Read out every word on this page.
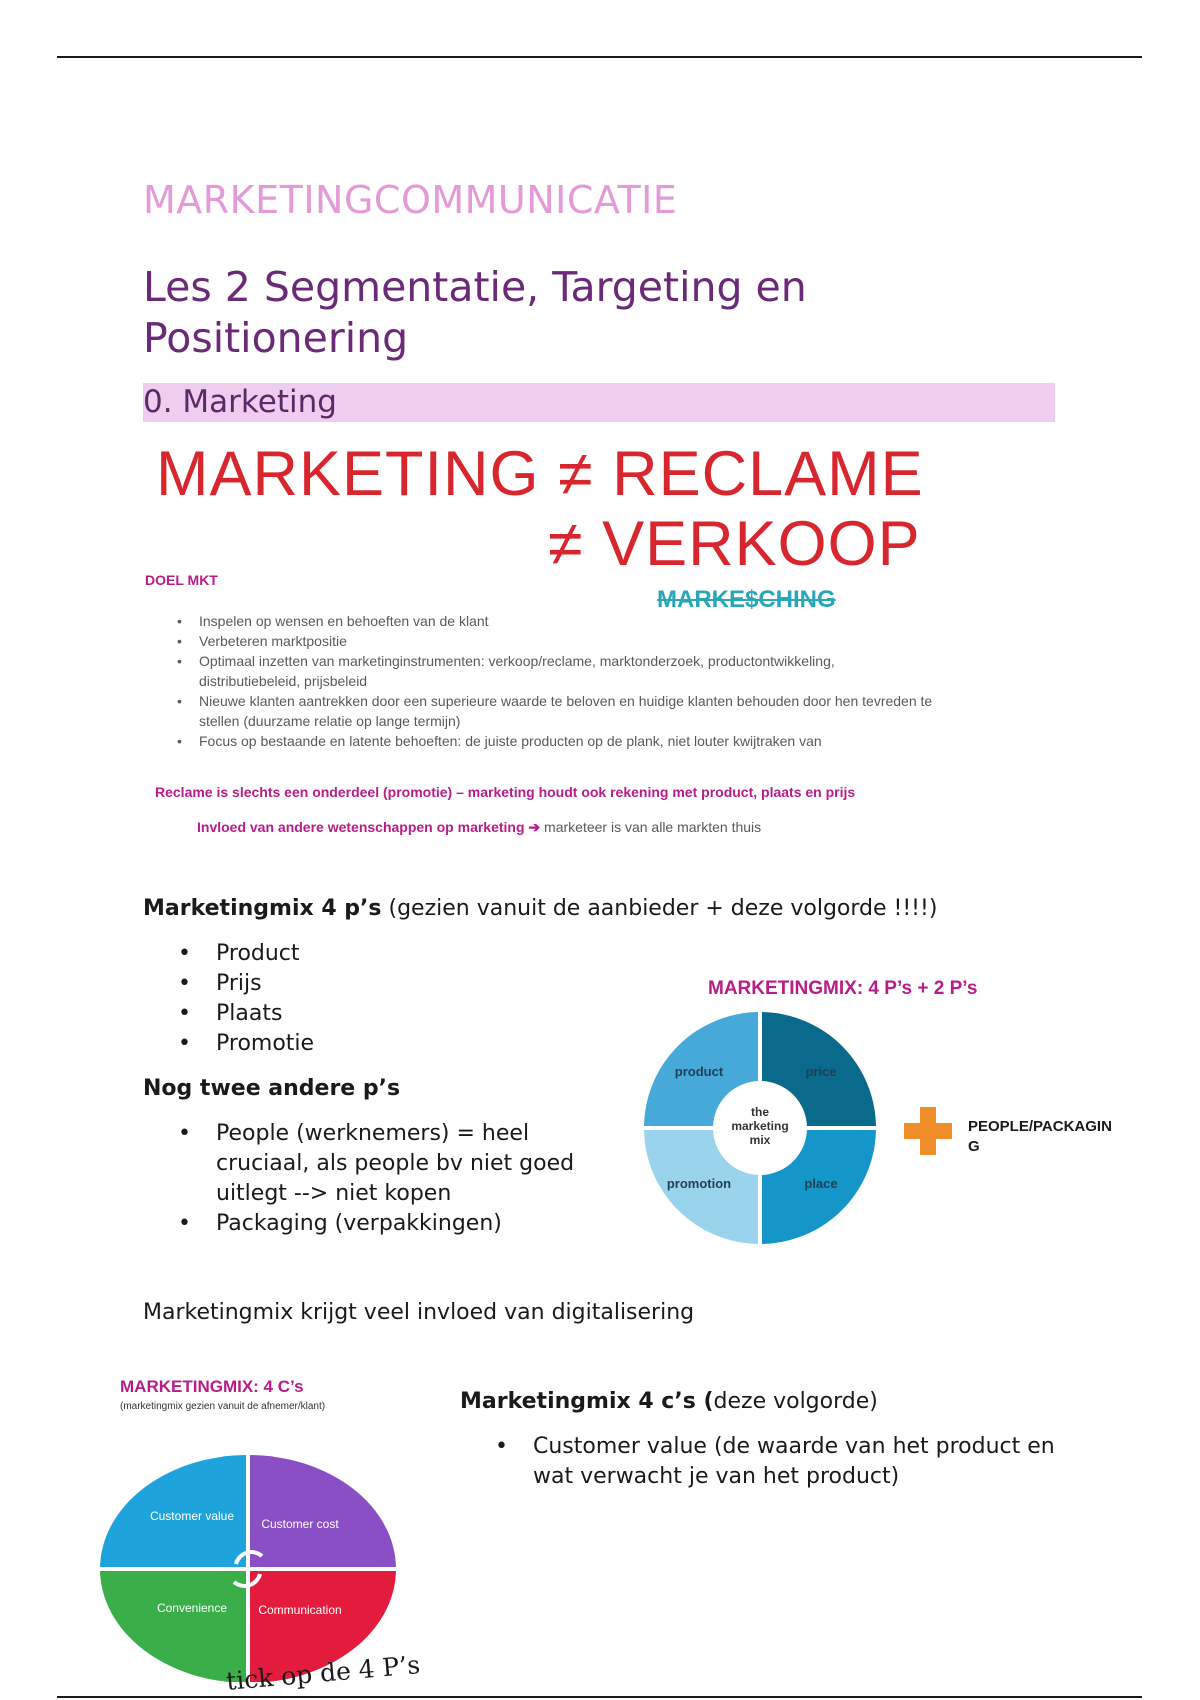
MARKETINGCOMMUNICATIE
Les 2 Segmentatie, Targeting en Positionering
0. Marketing
MARKETING ≠ RECLAME
≠ VERKOOP
DOEL MKT
MARKE$CHING
• Inspelen op wensen en behoeften van de klant
• Verbeteren marktpositie
• Optimaal inzetten van marketinginstrumenten: verkoop/reclame, marktonderzoek, productontwikkeling, distributiebeleid, prijsbeleid
• Nieuwe klanten aantrekken door een superieure waarde te beloven en huidige klanten behouden door hen tevreden te stellen (duurzame relatie op lange termijn)
• Focus op bestaande en latente behoeften: de juiste producten op de plank, niet louter kwijtraken van
Reclame is slechts een onderdeel (promotie) – marketing houdt ook rekening met product, plaats en prijs
Invloed van andere wetenschappen op marketing ➔ marketeer is van alle markten thuis
Marketingmix 4 p’s (gezien vanuit de aanbieder + deze volgorde !!!!)
• Product
• Prijs
• Plaats
• Promotie
Nog twee andere p’s
• People (werknemers) = heel cruciaal, als people bv niet goed uitlegt --> niet kopen
• Packaging (verpakkingen)
MARKETINGMIX: 4 P’s + 2 P’s
product	price
promotion	place
the
marketing
mix
PEOPLE/PACKAGIN
G
Marketingmix krijgt veel invloed van digitalisering
MARKETINGMIX: 4 C’s
(marketingmix gezien vanuit de afnemer/klant)
Customer value
Customer cost
Convenience	Communication
tick op de 4 P’s
Marketingmix 4 c’s (deze volgorde)
• Customer value (de waarde van het product en wat verwacht je van het product)
